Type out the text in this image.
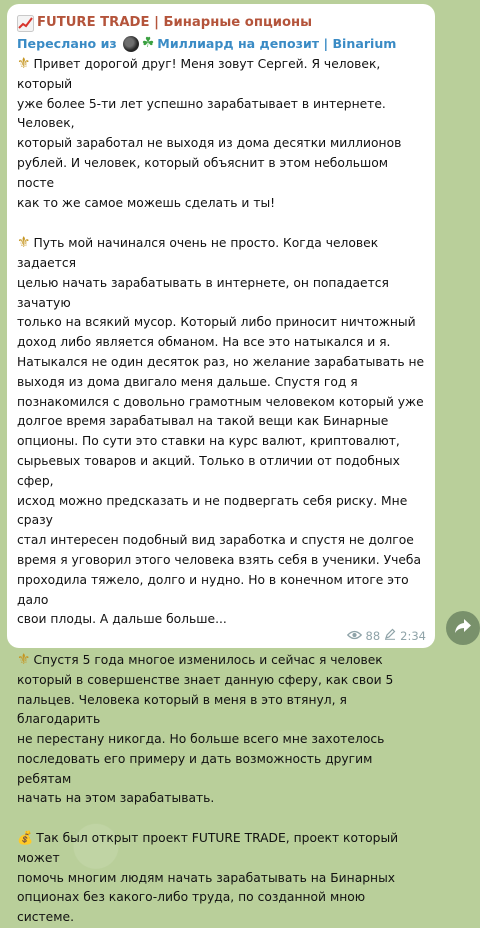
FUTURE TRADE | Бинарные опционы
Переслано из ☘ Миллиард на депозит | Binarium

⚜ Привет дорогой друг! Меня зовут Сергей. Я человек, который
уже более 5-ти лет успешно зарабатывает в интернете. Человек,
который заработал не выходя из дома десятки миллионов
рублей. И человек, который объяснит в этом небольшом посте
как то же самое можешь сделать и ты!

⚜ Путь мой начинался очень не просто. Когда человек задается
целью начать зарабатывать в интернете, он попадается зачатую
только на всякий мусор. Который либо приносит ничтожный
доход либо является обманом. На все это натыкался и я.
Натыкался не один десяток раз, но желание зарабатывать не
выходя из дома двигало меня дальше. Спустя год я
познакомился с довольно грамотным человеком который уже
долгое время зарабатывал на такой вещи как Бинарные
опционы. По сути это ставки на курс валют, криптовалют,
сырьевых товаров и акций. Только в отличии от подобных сфер,
исход можно предсказать и не подвергать себя риску. Мне сразу
стал интересен подобный вид заработка и спустя не долгое
время я уговорил этого человека взять себя в ученики. Учеба
проходила тяжело, долго и нудно. Но в конечном итоге это дало
свои плоды. А дальше больше...

⚜ Спустя 5 года многое изменилось и сейчас я человек
который в совершенстве знает данную сферу, как свои 5
пальцев. Человека который в меня в это втянул, я благодарить
не перестану никогда. Но больше всего мне захотелось
последовать его примеру и дать возможность другим ребятам
начать на этом зарабатывать.

💰 Так был открыт проект FUTURE TRADE, проект который может
помочь многим людям начать зарабатывать на Бинарных
опционах без какого-либо труда, по созданной мною системе.

88 2:34
